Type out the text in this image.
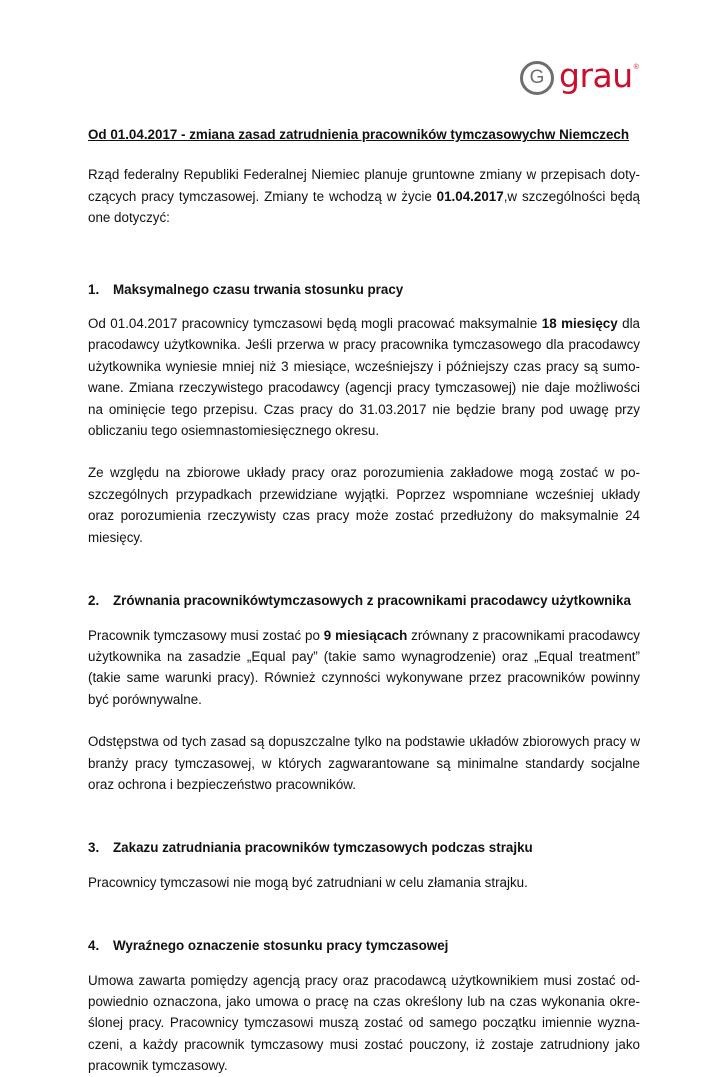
G grau ®
Od 01.04.2017 - zmiana zasad zatrudnienia pracowników tymczasowychw Niemczech

Rząd federalny Republiki Federalnej Niemiec planuje gruntowne zmiany w przepisach doty- czących pracy tymczasowej. Zmiany te wchodzą w życie 01.04.2017,w szczególności będą one dotyczyć:

1.	Maksymalnego czasu trwania stosunku pracy

Od 01.04.2017 pracownicy tymczasowi będą mogli pracować maksymalnie 18 miesięcy dla pracodawcy użytkownika. Jeśli przerwa w pracy pracownika tymczasowego dla pracodawcy użytkownika wyniesie mniej niż 3 miesiące, wcześniejszy i późniejszy czas pracy są sumo- wane. Zmiana rzeczywistego pracodawcy (agencji pracy tymczasowej) nie daje możliwości na ominięcie tego przepisu. Czas pracy do 31.03.2017 nie będzie brany pod uwagę przy obliczaniu tego osiemnastomiesięcznego okresu.

Ze względu na zbiorowe układy pracy oraz porozumienia zakładowe mogą zostać w po- szczególnych przypadkach przewidziane wyjątki. Poprzez wspomniane wcześniej układy oraz porozumienia rzeczywisty czas pracy może zostać przedłużony do maksymalnie 24 miesięcy.

2.	Zrównania pracownikówtymczasowych z pracownikami pracodawcy użytkownika

Pracownik tymczasowy musi zostać po 9 miesiącach zrównany z pracownikami pracodawcy użytkownika na zasadzie „Equal pay” (takie samo wynagrodzenie) oraz „Equal treatment” (takie same warunki pracy). Również czynności wykonywane przez pracowników powinny być porównywalne.

Odstępstwa od tych zasad są dopuszczalne tylko na podstawie układów zbiorowych pracy w branży pracy tymczasowej, w których zagwarantowane są minimalne standardy socjalne oraz ochrona i bezpieczeństwo pracowników.

3.	Zakazu zatrudniania pracowników tymczasowych podczas strajku

Pracownicy tymczasowi nie mogą być zatrudniani w celu złamania strajku.

4.	Wyraźnego oznaczenie stosunku pracy tymczasowej

Umowa zawarta pomiędzy agencją pracy oraz pracodawcą użytkownikiem musi zostać od- powiednio oznaczona, jako umowa o pracę na czas określony lub na czas wykonania okre- ślonej pracy. Pracownicy tymczasowi muszą zostać od samego początku imiennie wyzna- czeni, a każdy pracownik tymczasowy musi zostać pouczony, iż zostaje zatrudniony jako pracownik tymczasowy.
